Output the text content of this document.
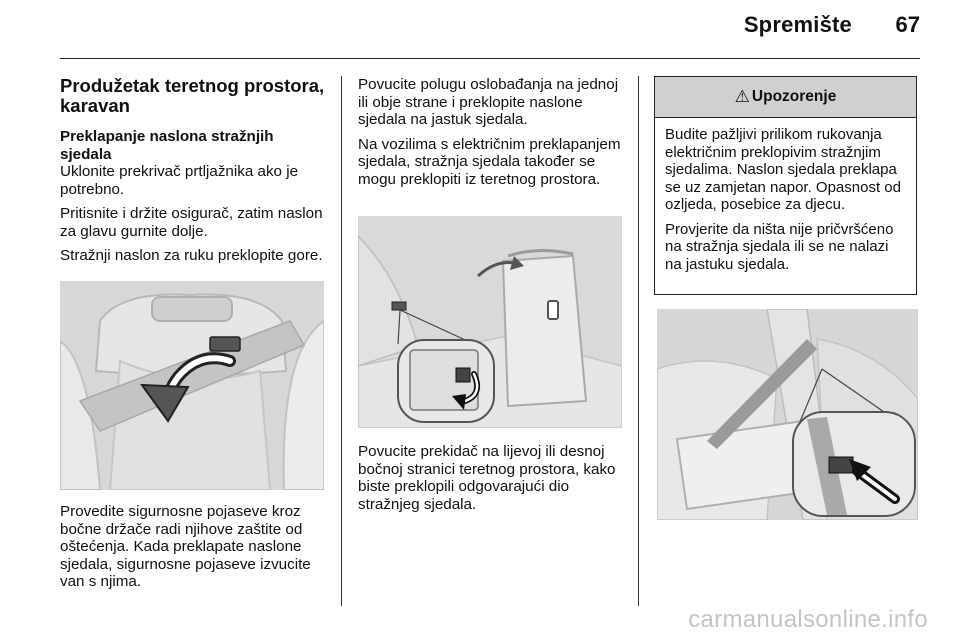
Spremište	67
Produžetak teretnog prostora, karavan
Preklapanje naslona stražnjih sjedala

Uklonite prekrivač prtljažnika ako je potrebno.

Pritisnite i držite osigurač, zatim naslon za glavu gurnite dolje.

Stražnji naslon za ruku preklopite gore.

Provedite sigurnosne pojaseve kroz bočne držače radi njihove zaštite od oštećenja. Kada preklapate naslone sjedala, sigurnosne pojaseve izvucite van s njima.

Povucite polugu oslobađanja na jednoj ili obje strane i preklopite naslone sjedala na jastuk sjedala.

Na vozilima s električnim preklapanjem sjedala, stražnja sjedala također se mogu preklopiti iz teretnog prostora.

Povucite prekidač na lijevoj ili desnoj bočnoj stranici teretnog prostora, kako biste preklopili odgovarajući dio stražnjeg sjedala.

⚠ Upozorenje

Budite pažljivi prilikom rukovanja električnim preklopivim stražnjim sjedalima. Naslon sjedala preklapa se uz zamjetan napor. Opasnost od ozljeda, posebice za djecu.

Provjerite da ništa nije pričvršćeno na stražnja sjedala ili se ne nalazi na jastuku sjedala.

carmanualsonline.info
